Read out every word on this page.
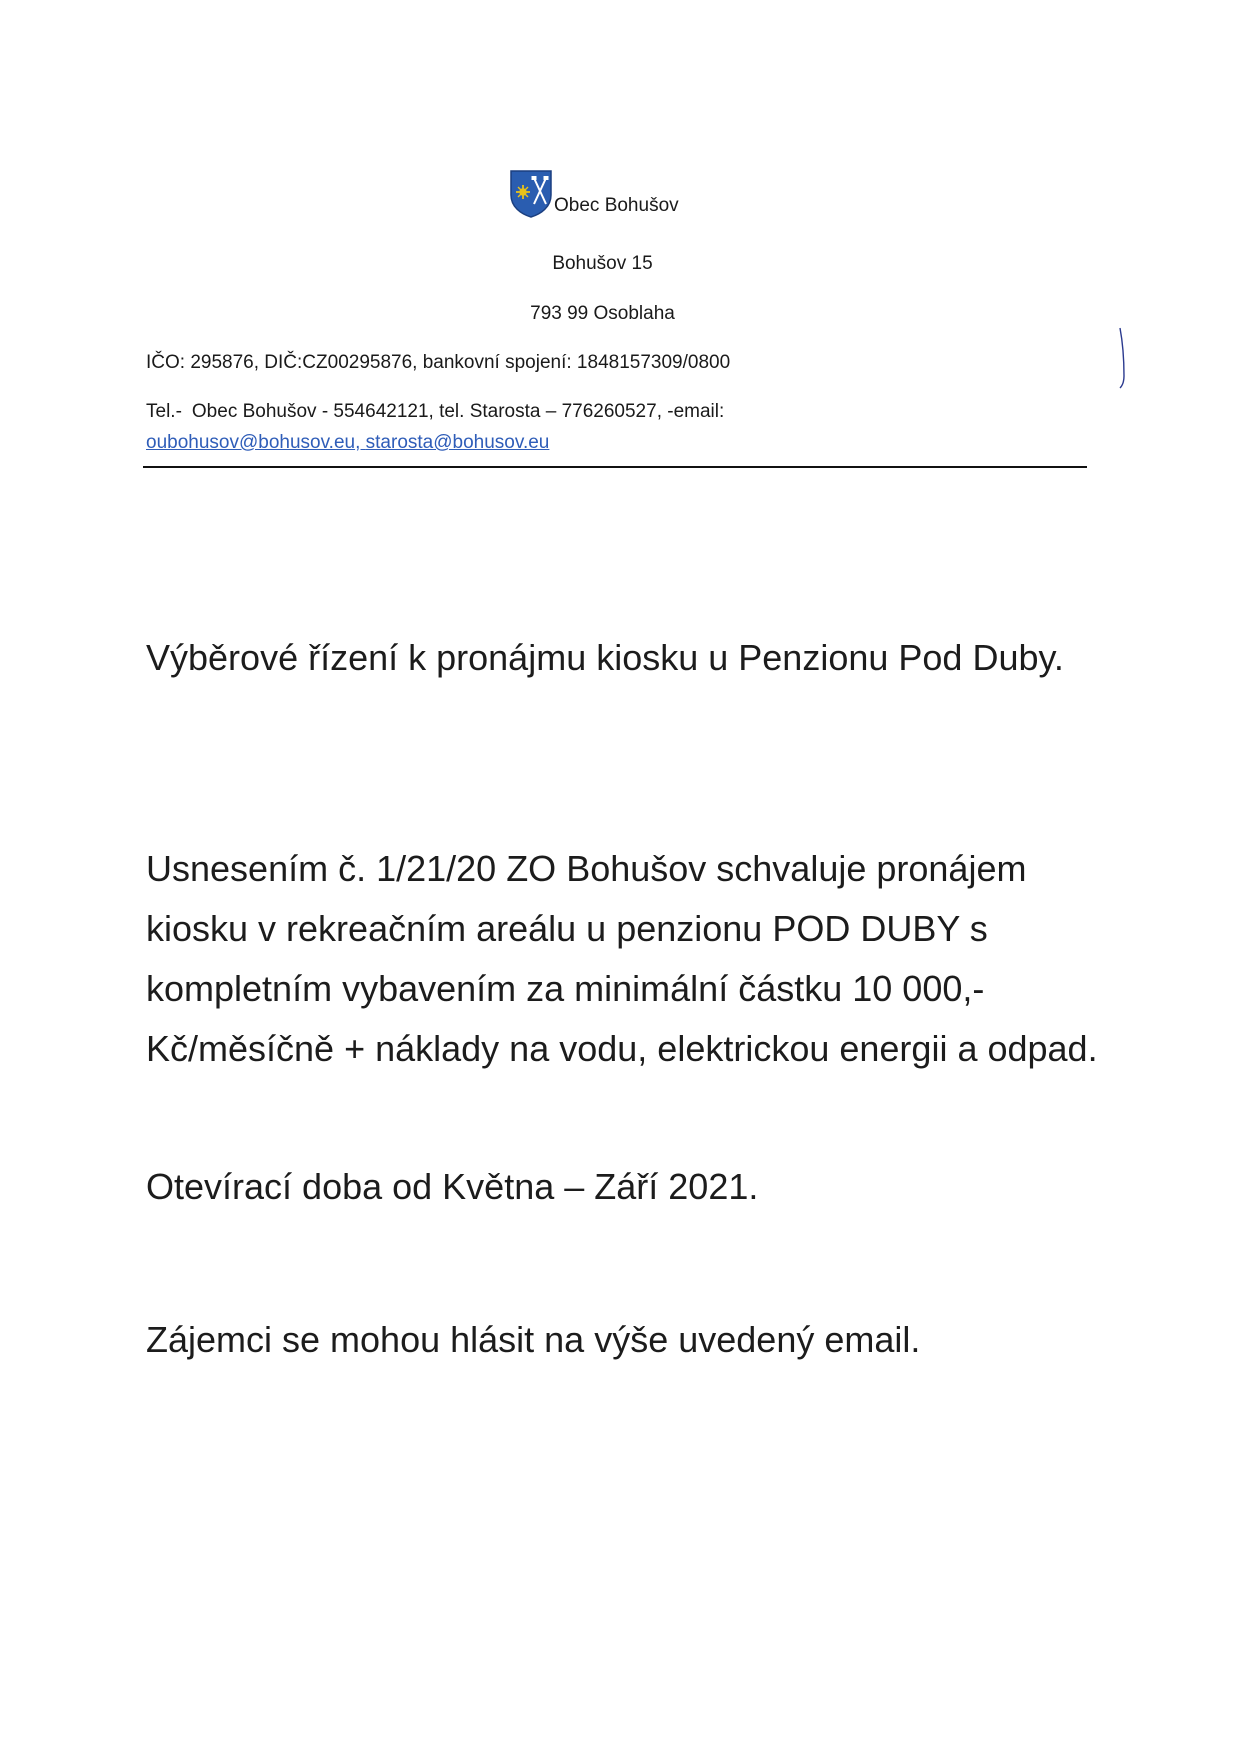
Obec Bohušov
Bohušov 15
793 99 Osoblaha
IČO: 295876, DIČ:CZ00295876, bankovní spojení: 1848157309/0800
Tel.- Obec Bohušov - 554642121, tel. Starosta – 776260527, -email:
oubohusov@bohusov.eu, starosta@bohusov.eu
Výběrové řízení k pronájmu kiosku u Penzionu Pod Duby.

Usnesením č. 1/21/20 ZO Bohušov schvaluje pronájem kiosku v rekreačním areálu u penzionu POD DUBY s kompletním vybavením za minimální částku 10 000,-Kč/měsíčně + náklady na vodu, elektrickou energii a odpad.

Otevírací doba od Května – Září 2021.

Zájemci se mohou hlásit na výše uvedený email.
